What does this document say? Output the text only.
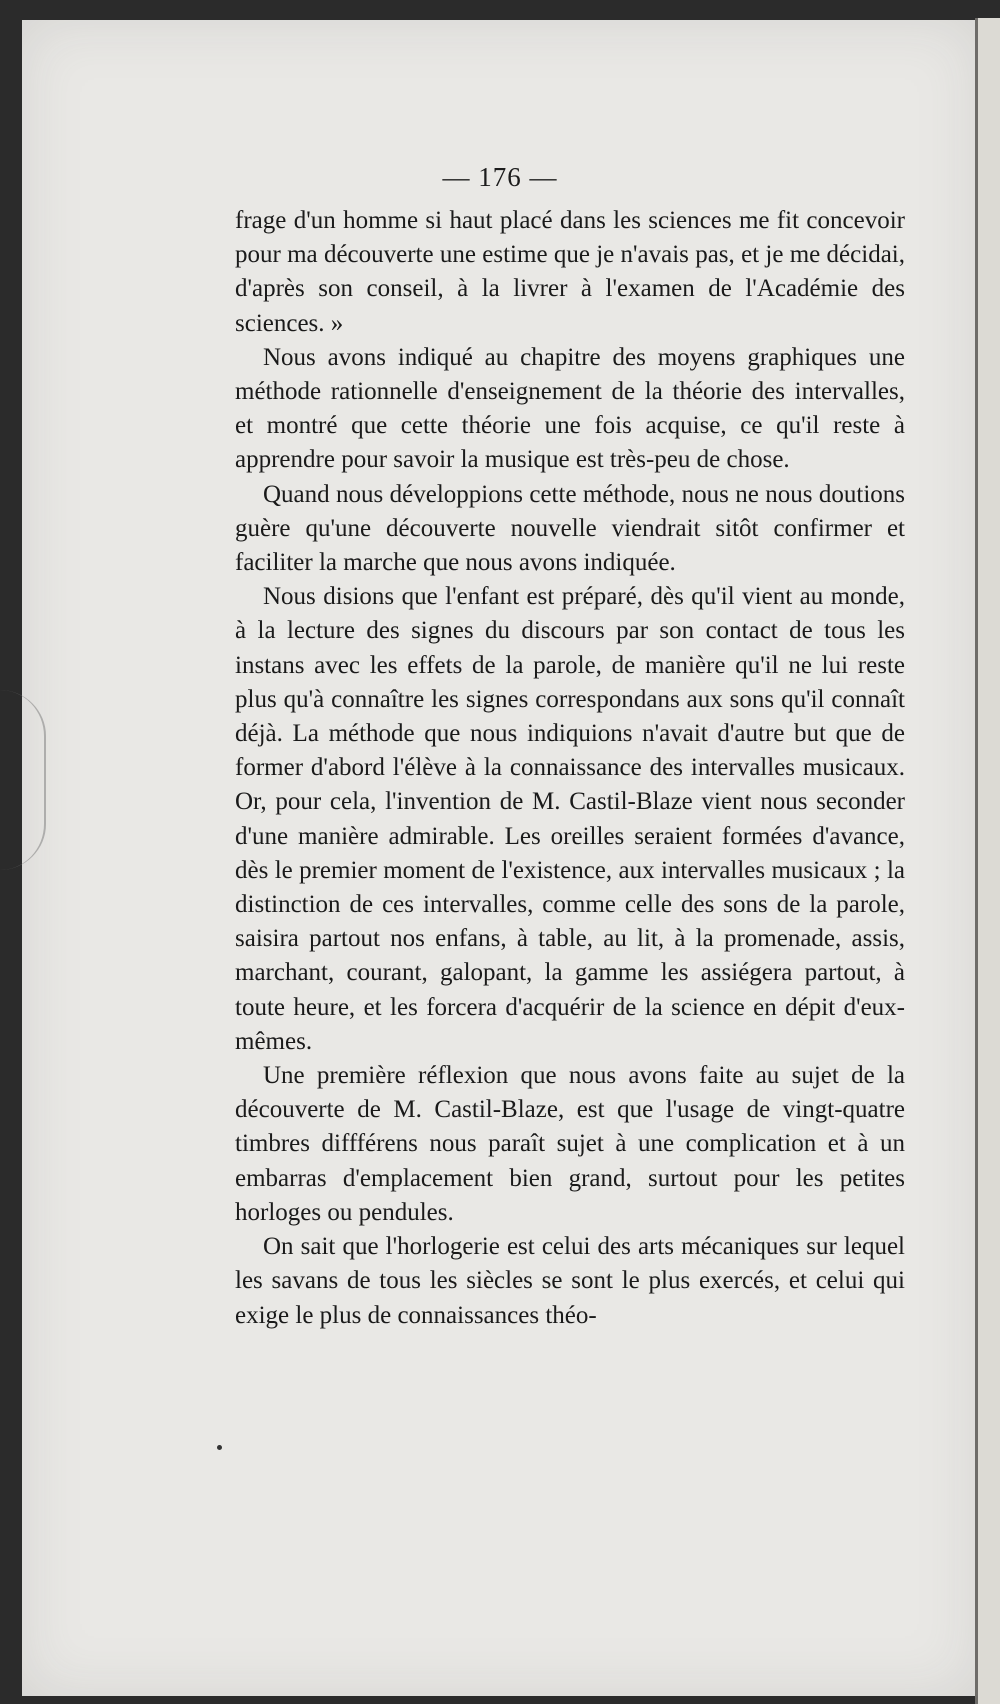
— 176 —

frage d'un homme si haut placé dans les sciences me fit concevoir pour ma découverte une estime que je n'avais pas, et je me décidai, d'après son conseil, à la livrer à l'examen de l'Académie des sciences. »

Nous avons indiqué au chapitre des moyens graphiques une méthode rationnelle d'enseignement de la théorie des intervalles, et montré que cette théorie une fois acquise, ce qu'il reste à apprendre pour savoir la musique est très-peu de chose.

Quand nous développions cette méthode, nous ne nous doutions guère qu'une découverte nouvelle viendrait sitôt confirmer et faciliter la marche que nous avons indiquée.

Nous disions que l'enfant est préparé, dès qu'il vient au monde, à la lecture des signes du discours par son contact de tous les instans avec les effets de la parole, de manière qu'il ne lui reste plus qu'à connaître les signes correspondans aux sons qu'il connaît déjà. La méthode que nous indiquions n'avait d'autre but que de former d'abord l'élève à la connaissance des intervalles musicaux. Or, pour cela, l'invention de M. Castil-Blaze vient nous seconder d'une manière admirable. Les oreilles seraient formées d'avance, dès le premier moment de l'existence, aux intervalles musicaux ; la distinction de ces intervalles, comme celle des sons de la parole, saisira partout nos enfans, à table, au lit, à la promenade, assis, marchant, courant, galopant, la gamme les assiégera partout, à toute heure, et les forcera d'acquérir de la science en dépit d'eux-mêmes.

Une première réflexion que nous avons faite au sujet de la découverte de M. Castil-Blaze, est que l'usage de vingt-quatre timbres diffférens nous paraît sujet à une complication et à un embarras d'emplacement bien grand, surtout pour les petites horloges ou pendules.

On sait que l'horlogerie est celui des arts mécaniques sur lequel les savans de tous les siècles se sont le plus exercés, et celui qui exige le plus de connaissances théo-
